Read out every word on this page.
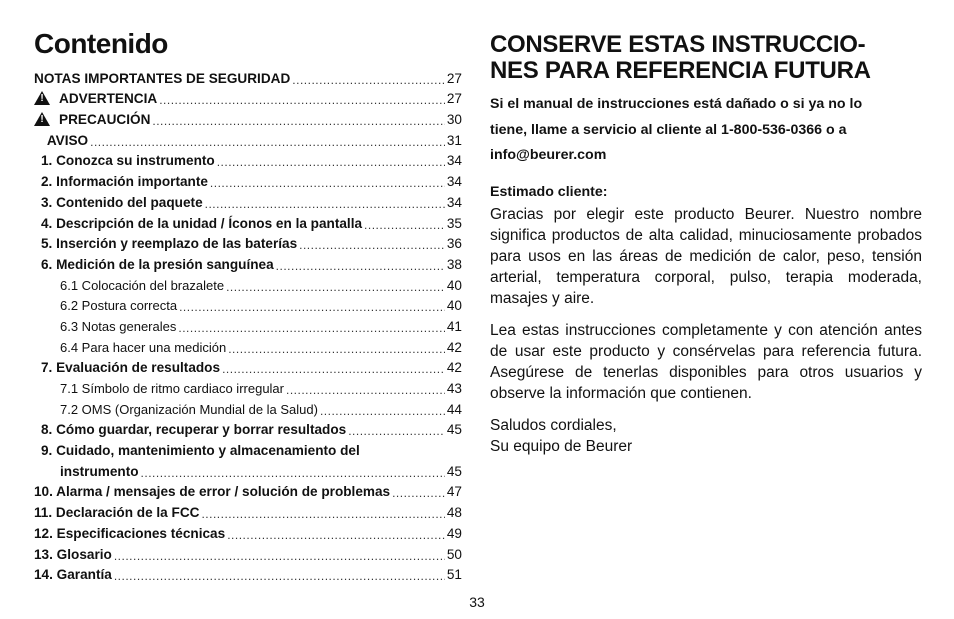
Contenido
NOTAS IMPORTANTES DE SEGURIDAD .....	27
! ADVERTENCIA .....	27
! PRECAUCIÓN .....	30
AVISO .....	31
1. Conozca su instrumento .....	34
2. Información importante .....	34
3. Contenido del paquete .....	34
4. Descripción de la unidad / Íconos en la pantalla .....	35
5. Inserción y reemplazo de las baterías .....	36
6. Medición de la presión sanguínea .....	38
6.1 Colocación del brazalete .....	40
6.2 Postura correcta .....	40
6.3 Notas generales .....	41
6.4 Para hacer una medición .....	42
7. Evaluación de resultados .....	42
7.1 Símbolo de ritmo cardiaco irregular .....	43
7.2 OMS (Organización Mundial de la Salud) .....	44
8. Cómo guardar, recuperar y borrar resultados .....	45
9. Cuidado, mantenimiento y almacenamiento del
instrumento .....	45
10. Alarma / mensajes de error / solución de problemas .....	47
11. Declaración de la FCC .....	48
12. Especificaciones técnicas .....	49
13. Glosario .....	50
14. Garantía .....	51
CONSERVE ESTAS INSTRUCCIO-
NES PARA REFERENCIA FUTURA

Si el manual de instrucciones está dañado o si ya no lo
tiene, llame a servicio al cliente al 1-800-536-0366 o a
info@beurer.com

Estimado cliente:

Gracias por elegir este producto Beurer. Nuestro nombre significa productos de alta calidad, minuciosamente probados para usos en las áreas de medición de calor, peso, tensión arterial, temperatura corporal, pulso, terapia moderada, masajes y aire.

Lea estas instrucciones completamente y con atención antes de usar este producto y consérvelas para referencia futura. Asegúrese de tenerlas disponibles para otros usuarios y observe la información que contienen.

Saludos cordiales,
Su equipo de Beurer

33
